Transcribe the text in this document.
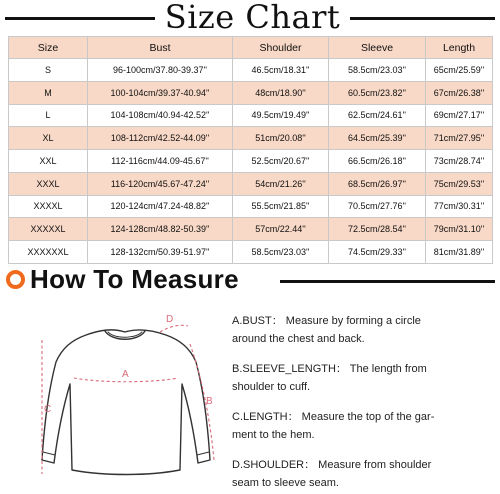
Size Chart
Size	Bust	Shoulder	Sleeve	Length
S	96-100cm/37.80-39.37''	46.5cm/18.31''	58.5cm/23.03''	65cm/25.59''
M	100-104cm/39.37-40.94''	48cm/18.90''	60.5cm/23.82''	67cm/26.38''
L	104-108cm/40.94-42.52''	49.5cm/19.49''	62.5cm/24.61''	69cm/27.17''
XL	108-112cm/42.52-44.09''	51cm/20.08''	64.5cm/25.39''	71cm/27.95''
XXL	112-116cm/44.09-45.67''	52.5cm/20.67''	66.5cm/26.18''	73cm/28.74''
XXXL	116-120cm/45.67-47.24''	54cm/21.26''	68.5cm/26.97''	75cm/29.53''
XXXXL	120-124cm/47.24-48.82''	55.5cm/21.85''	70.5cm/27.76''	77cm/30.31''
XXXXXL	124-128cm/48.82-50.39''	57cm/22.44''	72.5cm/28.54''	79cm/31.10''
XXXXXXL	128-132cm/50.39-51.97''	58.5cm/23.03''	74.5cm/29.33''	81cm/31.89''
How To Measure
A
B
C
D	A.BUST： Measure by forming a circle

around the chest and back.

B.SLEEVE_LENGTH： The length from

shoulder to cuff.

C.LENGTH： Measure the top of the gar-

ment to the hem.

D.SHOULDER： Measure from shoulder

seam to sleeve seam.
